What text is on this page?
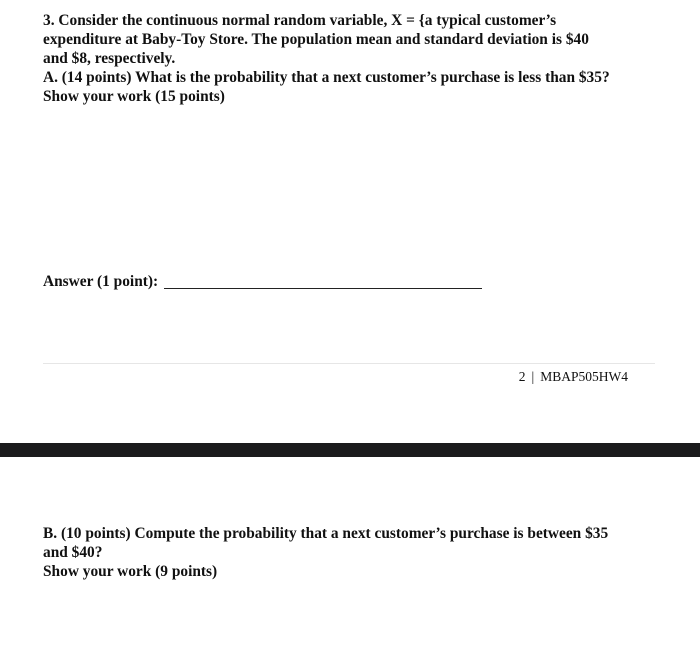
3. Consider the continuous normal random variable, X = {a typical customer’s

expenditure at Baby-Toy Store. The population mean and standard deviation is $40

and $8, respectively.

A. (14 points) What is the probability that a next customer’s purchase is less than $35?

Show your work (15 points)

Answer (1 point):
2 | MBAP505HW4

B. (10 points) Compute the probability that a next customer’s purchase is between $35

and $40?

Show your work (9 points)
